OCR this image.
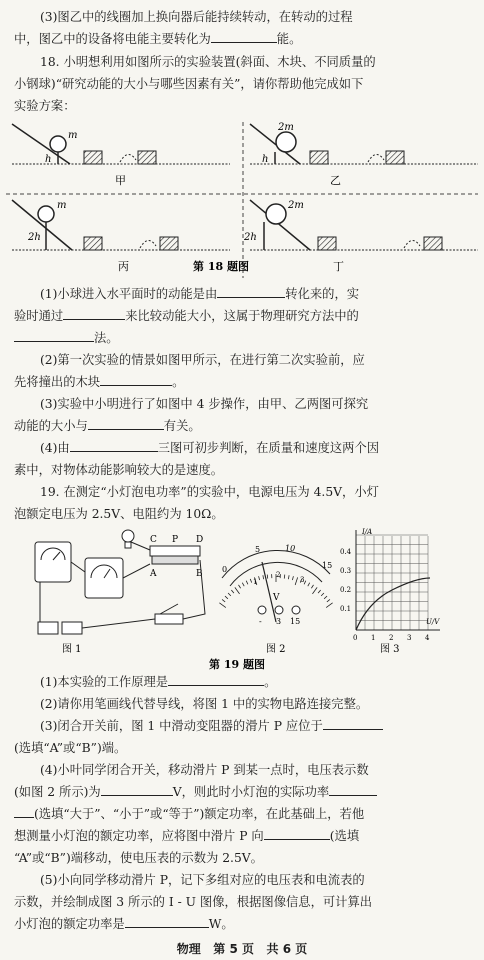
(3)图乙中的线圈加上换向器后能持续转动，在转动的过程

中，图乙中的设备将电能主要转化为	能。

18. 小明想利用如图所示的实验装置(斜面、木块、不同质量的

小钢球)“研究动能的大小与哪些因素有关”，请你帮助他完成如下

实验方案：

m
h
甲
2m
h
乙
m
2h
丙
2m
2h
丁
第 18 题图

(1)小球进入水平面时的动能是由	转化来的，实

验时通过	来比较动能大小，这属于物理研究方法中的

法。

(2)第一次实验的情景如图甲所示，在进行第二次实验前，应

先将撞出的木块	。

(3)实验中小明进行了如图中 4 步操作，由甲、乙两图可探究

动能的大小与	有关。

(4)由	三图可初步判断，在质量和速度这两个因

素中，对物体动能影响较大的是速度。

19. 在测定“小灯泡电功率”的实验中，电源电压为 4.5V，小灯

泡额定电压为 2.5V、电阻约为 10Ω。

C P D
A	B
图 1
0
5	10
15
1
2
3
V
- 3 15
图 2
I/A
U/V
0.4
0.3
0.2
0.1
0 1 2 3 4
图 3
第 19 题图

(1)本实验的工作原理是	。

(2)请你用笔画线代替导线，将图 1 中的实物电路连接完整。

(3)闭合开关前，图 1 中滑动变阻器的滑片 P 应位于

(选填“A”或“B”)端。

(4)小叶同学闭合开关，移动滑片 P 到某一点时，电压表示数

(如图 2 所示)为	V，则此时小灯泡的实际功率

(选填“大于”、“小于”或“等于”)额定功率，在此基础上，若他

想测量小灯泡的额定功率，应将图中滑片 P 向	(选填

“A”或“B”)端移动，使电压表的示数为 2.5V。

(5)小向同学移动滑片 P，记下多组对应的电压表和电流表的

示数，并绘制成图 3 所示的 I - U 图像，根据图像信息，可计算出

小灯泡的额定功率是	W。

物理 第 5 页 共 6 页
